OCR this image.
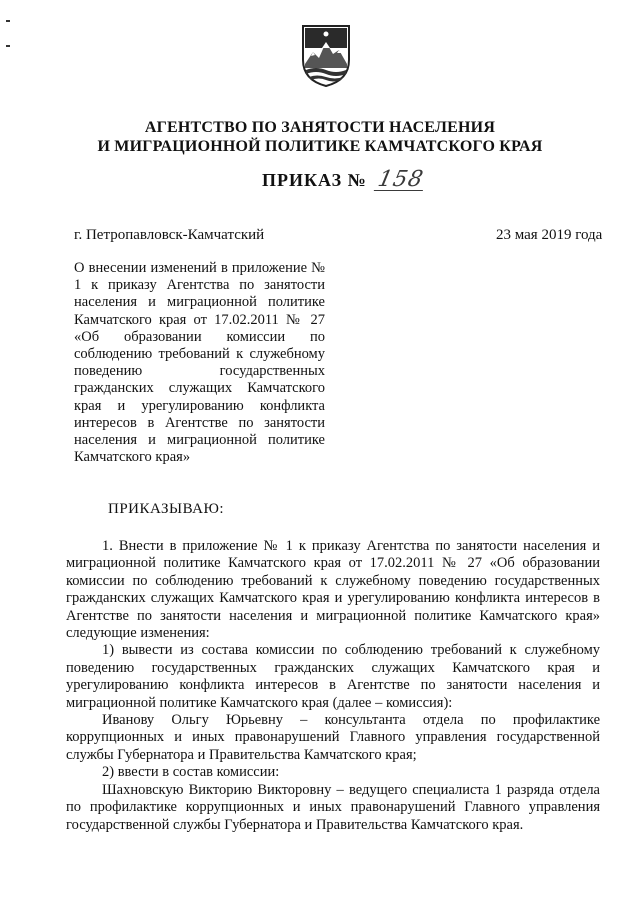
АГЕНТСТВО ПО ЗАНЯТОСТИ НАСЕЛЕНИЯ
И МИГРАЦИОННОЙ ПОЛИТИКЕ КАМЧАТСКОГО КРАЯ
ПРИКАЗ № 158
г. Петропавловск-Камчатский	23 мая 2019 года

О внесении изменений в приложение № 1 к приказу Агентства по занятости населения и миграционной политике Камчатского края от 17.02.2011 № 27 «Об образовании комиссии по соблюдению требований к служебному поведению государственных гражданских служащих Камчатского края и урегулированию конфликта интересов в Агентстве по занятости населения и миграционной политике Камчатского края»

ПРИКАЗЫВАЮ:

1. Внести в приложение № 1 к приказу Агентства по занятости населения и миграционной политике Камчатского края от 17.02.2011 № 27 «Об образовании комиссии по соблюдению требований к служебному поведению государственных гражданских служащих Камчатского края и урегулированию конфликта интересов в Агентстве по занятости населения и миграционной политике Камчатского края» следующие изменения:

1) вывести из состава комиссии по соблюдению требований к служебному поведению государственных гражданских служащих Камчатского края и урегулированию конфликта интересов в Агентстве по занятости населения и миграционной политике Камчатского края (далее – комиссия):

Иванову Ольгу Юрьевну – консультанта отдела по профилактике коррупционных и иных правонарушений Главного управления государственной службы Губернатора и Правительства Камчатского края;

2) ввести в состав комиссии:

Шахновскую Викторию Викторовну – ведущего специалиста 1 разряда отдела по профилактике коррупционных и иных правонарушений Главного управления государственной службы Губернатора и Правительства Камчатского края.
